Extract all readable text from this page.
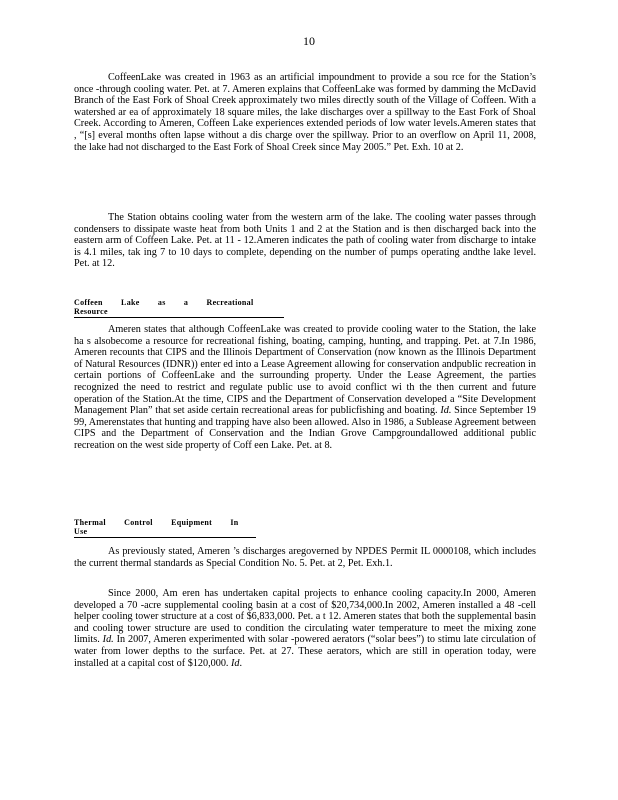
10

CoffeenLake was created in 1963 as an artificial impoundment to provide a sou rce for the Station’s once -through cooling water. Pet. at 7. Ameren explains that CoffeenLake was formed by damming the McDavid Branch of the East Fork of Shoal Creek approximately two miles directly south of the Village of Coffeen. With a watershed ar ea of approximately 18 square miles, the lake discharges over a spillway to the East Fork of Shoal Creek. According to Ameren, Coffeen Lake experiences extended periods of low water levels.Ameren states that , “[s] everal months often lapse without a dis charge over the spillway. Prior to an overflow on April 11, 2008, the lake had not discharged to the East Fork of Shoal Creek since May 2005.” Pet. Exh. 10 at 2.

The Station obtains cooling water from the western arm of the lake. The cooling water passes through condensers to dissipate waste heat from both Units 1 and 2 at the Station and is then discharged back into the eastern arm of Coffeen Lake. Pet. at 11 - 12.Ameren indicates the path of cooling water from discharge to intake is 4.1 miles, tak ing 7 to 10 days to complete, depending on the number of pumps operating andthe lake level. Pet. at 12.

Coffeen Lake as a Recreational Resource

Ameren states that although CoffeenLake was created to provide cooling water to the Station, the lake ha s alsobecome a resource for recreational fishing, boating, camping, hunting, and trapping. Pet. at 7.In 1986, Ameren recounts that CIPS and the Illinois Department of Conservation (now known as the Illinois Department of Natural Resources (IDNR)) enter ed into a Lease Agreement allowing for conservation andpublic recreation in certain portions of CoffeenLake and the surrounding property. Under the Lease Agreement, the parties recognized the need to restrict and regulate public use to avoid conflict wi th the then current and future operation of the Station.At the time, CIPS and the Department of Conservation developed a “Site Development Management Plan” that set aside certain recreational areas for publicfishing and boating. Id. Since September 19 99, Amerenstates that hunting and trapping have also been allowed. Also in 1986, a Sublease Agreement between CIPS and the Department of Conservation and the Indian Grove Campgroundallowed additional public recreation on the west side property of Coff een Lake. Pet. at 8.

Thermal Control Equipment In Use

As previously stated, Ameren ’s discharges aregoverned by NPDES Permit IL 0000108, which includes the current thermal standards as Special Condition No. 5. Pet. at 2, Pet. Exh.1.

Since 2000, Am eren has undertaken capital projects to enhance cooling capacity.In 2000, Ameren developed a 70 -acre supplemental cooling basin at a cost of $20,734,000.In 2002, Ameren installed a 48 -cell helper cooling tower structure at a cost of $6,833,000. Pet. a t 12. Ameren states that both the supplemental basin and cooling tower structure are used to condition the circulating water temperature to meet the mixing zone limits. Id. In 2007, Ameren experimented with solar -powered aerators (“solar bees”) to stimu late circulation of water from lower depths to the surface. Pet. at 27. These aerators, which are still in operation today, were installed at a capital cost of $120,000. Id.
